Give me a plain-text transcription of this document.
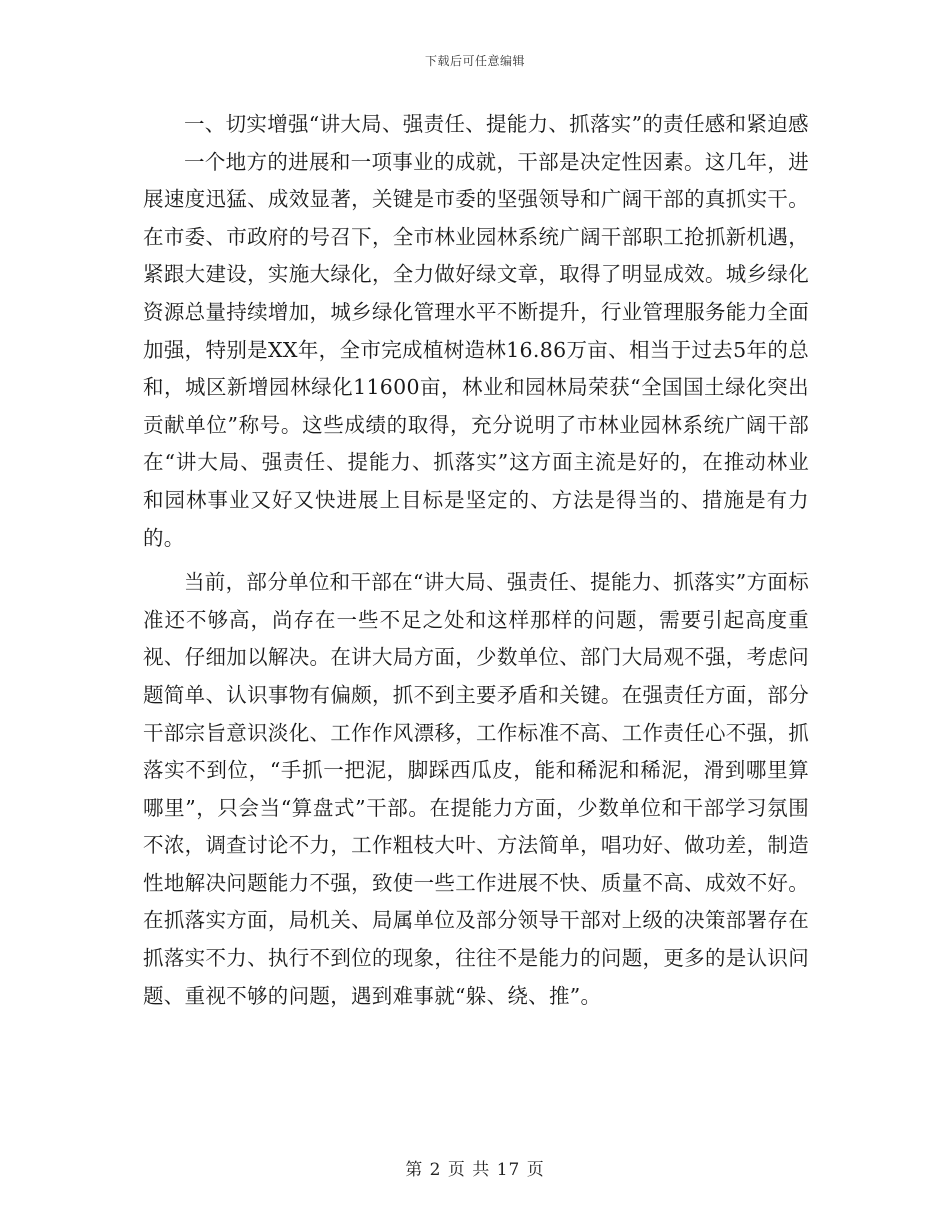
下载后可任意编辑

一、切实增强“讲大局、强责任、提能力、抓落实”的责任感和紧迫感

一个地方的进展和一项事业的成就，干部是决定性因素。这几年，进展速度迅猛、成效显著，关键是市委的坚强领导和广阔干部的真抓实干。在市委、市政府的号召下，全市林业园林系统广阔干部职工抢抓新机遇，紧跟大建设，实施大绿化，全力做好绿文章，取得了明显成效。城乡绿化资源总量持续增加，城乡绿化管理水平不断提升，行业管理服务能力全面加强，特别是XX年，全市完成植树造林16.86万亩、相当于过去5年的总和，城区新增园林绿化11600亩，林业和园林局荣获“全国国土绿化突出贡献单位”称号。这些成绩的取得，充分说明了市林业园林系统广阔干部在“讲大局、强责任、提能力、抓落实”这方面主流是好的，在推动林业和园林事业又好又快进展上目标是坚定的、方法是得当的、措施是有力的。

当前，部分单位和干部在“讲大局、强责任、提能力、抓落实”方面标准还不够高，尚存在一些不足之处和这样那样的问题，需要引起高度重视、仔细加以解决。在讲大局方面，少数单位、部门大局观不强，考虑问题简单、认识事物有偏颇，抓不到主要矛盾和关键。在强责任方面，部分干部宗旨意识淡化、工作作风漂移，工作标准不高、工作责任心不强，抓落实不到位，“手抓一把泥，脚踩西瓜皮，能和稀泥和稀泥，滑到哪里算哪里”，只会当“算盘式”干部。在提能力方面，少数单位和干部学习氛围不浓，调查讨论不力，工作粗枝大叶、方法简单，唱功好、做功差，制造性地解决问题能力不强，致使一些工作进展不快、质量不高、成效不好。在抓落实方面，局机关、局属单位及部分领导干部对上级的决策部署存在抓落实不力、执行不到位的现象，往往不是能力的问题，更多的是认识问题、重视不够的问题，遇到难事就“躲、绕、推”。

第 2 页 共 17 页
